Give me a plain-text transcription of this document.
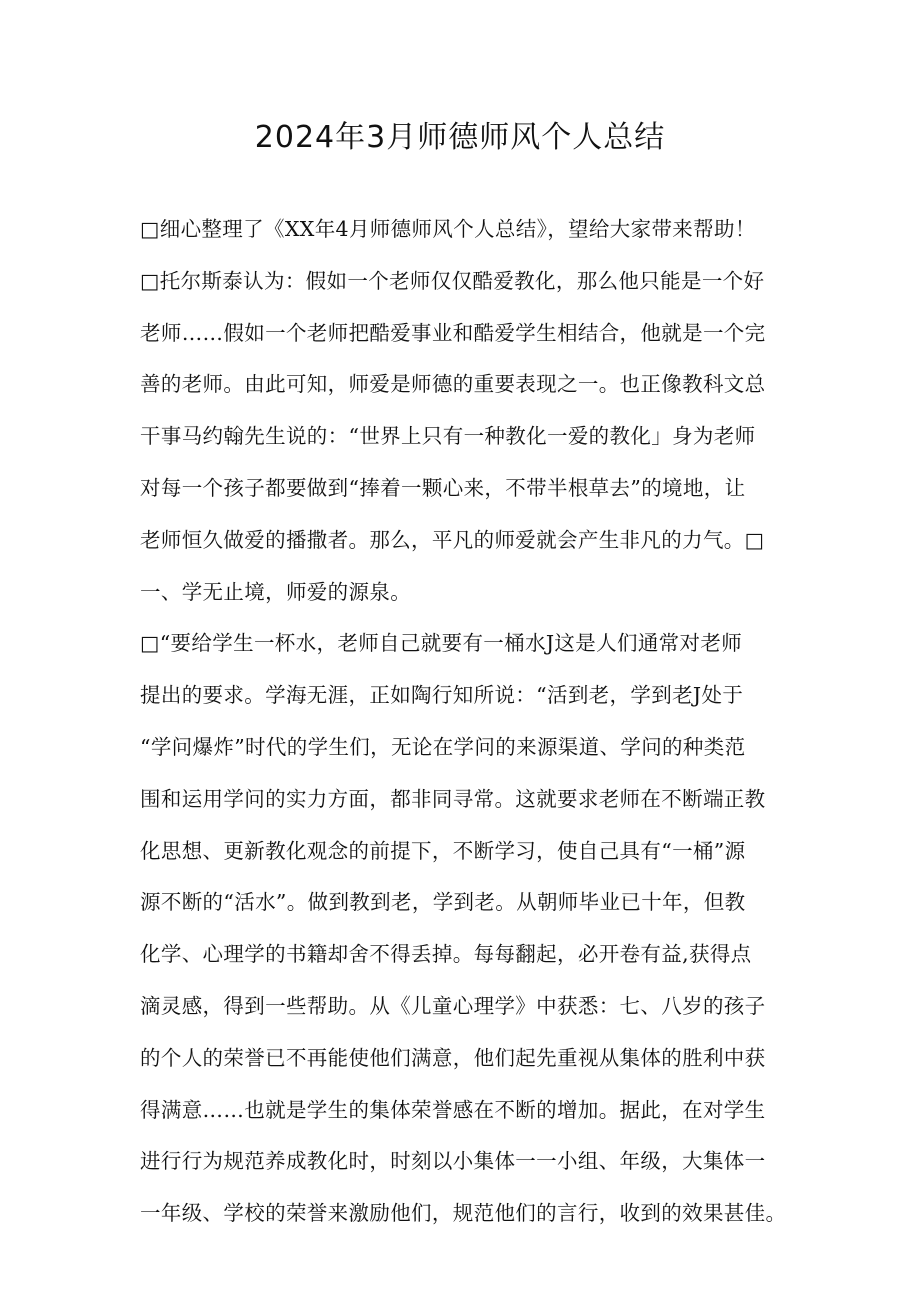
2024年3月师德师风个人总结
□细心整理了《XX年4月师德师风个人总结》，望给大家带来帮助！
□托尔斯泰认为：假如一个老师仅仅酷爱教化，那么他只能是一个好
老师……假如一个老师把酷爱事业和酷爱学生相结合，他就是一个完
善的老师。由此可知，师爱是师德的重要表现之一。也正像教科文总
干事马约翰先生说的：“世界上只有一种教化一爱的教化」身为老师
对每一个孩子都要做到“捧着一颗心来，不带半根草去”的境地，让
老师恒久做爱的播撒者。那么，平凡的师爱就会产生非凡的力气。□
一、学无止境，师爱的源泉。
□“要给学生一杯水，老师自己就要有一桶水J这是人们通常对老师
提出的要求。学海无涯，正如陶行知所说：“活到老，学到老J处于
“学问爆炸”时代的学生们，无论在学问的来源渠道、学问的种类范
围和运用学问的实力方面，都非同寻常。这就要求老师在不断端正教
化思想、更新教化观念的前提下，不断学习，使自己具有“一桶”源
源不断的“活水”。做到教到老，学到老。从朝师毕业已十年，但教
化学、心理学的书籍却舍不得丢掉。每每翻起，必开卷有益,获得点
滴灵感，得到一些帮助。从《儿童心理学》中获悉：七、八岁的孩子
的个人的荣誉已不再能使他们满意，他们起先重视从集体的胜利中获
得满意……也就是学生的集体荣誉感在不断的增加。据此，在对学生
进行行为规范养成教化时，时刻以小集体一一小组、年级，大集体一
一年级、学校的荣誉来激励他们，规范他们的言行，收到的效果甚佳。
